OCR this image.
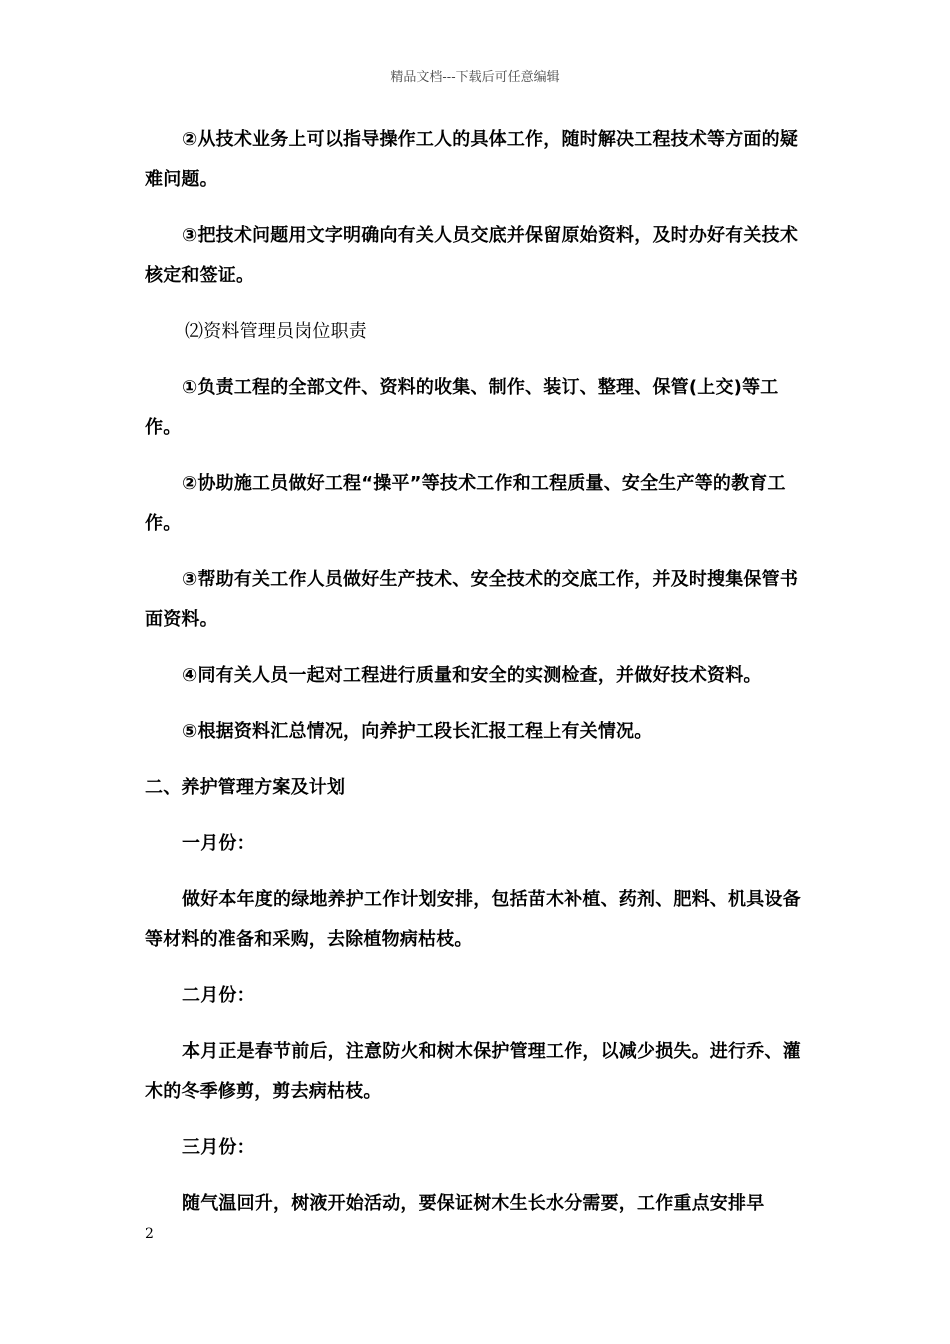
精品文档---下载后可任意编辑

②从技术业务上可以指导操作工人的具体工作，随时解决工程技术等方面的疑难问题。

③把技术问题用文字明确向有关人员交底并保留原始资料，及时办好有关技术核定和签证。

⑵资料管理员岗位职责

①负责工程的全部文件、资料的收集、制作、装订、整理、保管(上交)等工作。

②协助施工员做好工程“操平”等技术工作和工程质量、安全生产等的教育工作。

③帮助有关工作人员做好生产技术、安全技术的交底工作，并及时搜集保管书面资料。

④同有关人员一起对工程进行质量和安全的实测检查，并做好技术资料。

⑤根据资料汇总情况，向养护工段长汇报工程上有关情况。

二、养护管理方案及计划

一月份：

做好本年度的绿地养护工作计划安排，包括苗木补植、药剂、肥料、机具设备等材料的准备和采购，去除植物病枯枝。

二月份：

本月正是春节前后，注意防火和树木保护管理工作，以减少损失。进行乔、灌木的冬季修剪，剪去病枯枝。

三月份：

随气温回升，树液开始活动，要保证树木生长水分需要，工作重点安排早

2
